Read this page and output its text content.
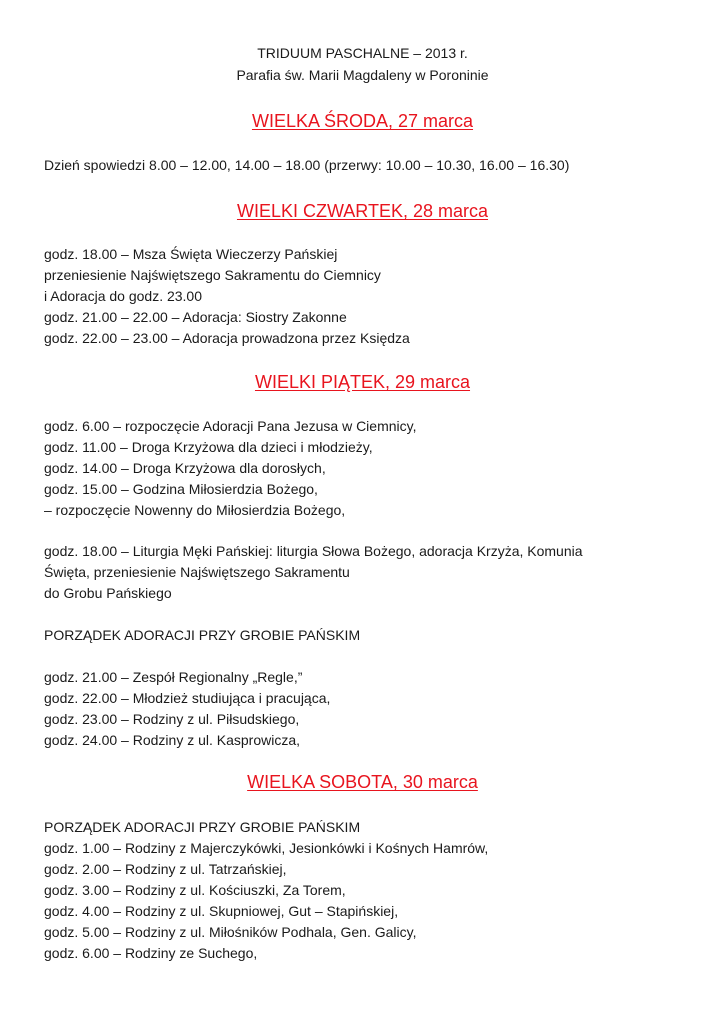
TRIDUUM PASCHALNE – 2013 r.
Parafia św. Marii Magdaleny w Poroninie
WIELKA ŚRODA, 27 marca
Dzień spowiedzi 8.00 – 12.00, 14.00 – 18.00 (przerwy: 10.00 – 10.30, 16.00 – 16.30)
WIELKI CZWARTEK, 28 marca
godz. 18.00 – Msza Święta Wieczerzy Pańskiej
przeniesienie Najświętszego Sakramentu do Ciemnicy
i Adoracja do godz. 23.00
godz. 21.00 – 22.00 – Adoracja: Siostry Zakonne
godz. 22.00 – 23.00 – Adoracja prowadzona przez Księdza
WIELKI PIĄTEK, 29 marca
godz. 6.00 – rozpoczęcie Adoracji Pana Jezusa w Ciemnicy,
godz. 11.00 – Droga Krzyżowa dla dzieci i młodzieży,
godz. 14.00 – Droga Krzyżowa dla dorosłych,
godz. 15.00 – Godzina Miłosierdzia Bożego,
– rozpoczęcie Nowenny do Miłosierdzia Bożego,
godz. 18.00 – Liturgia Męki Pańskiej: liturgia Słowa Bożego, adoracja Krzyża, Komunia
Święta, przeniesienie Najświętszego Sakramentu
do Grobu Pańskiego
PORZĄDEK ADORACJI PRZY GROBIE PAŃSKIM
godz. 21.00 – Zespół Regionalny „Regle,”
godz. 22.00 – Młodzież studiująca i pracująca,
godz. 23.00 – Rodziny z ul. Piłsudskiego,
godz. 24.00 – Rodziny z ul. Kasprowicza,
WIELKA SOBOTA, 30 marca
PORZĄDEK ADORACJI PRZY GROBIE PAŃSKIM
godz. 1.00 – Rodziny z Majerczykówki, Jesionkówki i Kośnych Hamrów,
godz. 2.00 – Rodziny z ul. Tatrzańskiej,
godz. 3.00 – Rodziny z ul. Kościuszki, Za Torem,
godz. 4.00 – Rodziny z ul. Skupniowej, Gut – Stapińskiej,
godz. 5.00 – Rodziny z ul. Miłośników Podhala, Gen. Galicy,
godz. 6.00 – Rodziny ze Suchego,
